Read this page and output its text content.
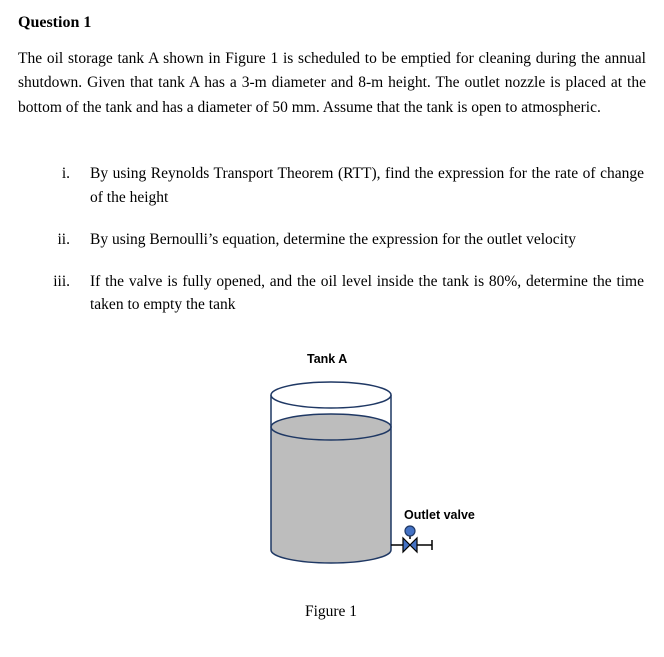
Question 1

The oil storage tank A shown in Figure 1 is scheduled to be emptied for cleaning during the annual shutdown. Given that tank A has a 3-m diameter and 8-m height. The outlet nozzle is placed at the bottom of the tank and has a diameter of 50 mm. Assume that the tank is open to atmospheric.

i. By using Reynolds Transport Theorem (RTT), find the expression for the rate of change of the height
ii. By using Bernoulli’s equation, determine the expression for the outlet velocity
iii. If the valve is fully opened, and the oil level inside the tank is 80%, determine the time taken to empty the tank
Tank A
Outlet valve

Figure 1
